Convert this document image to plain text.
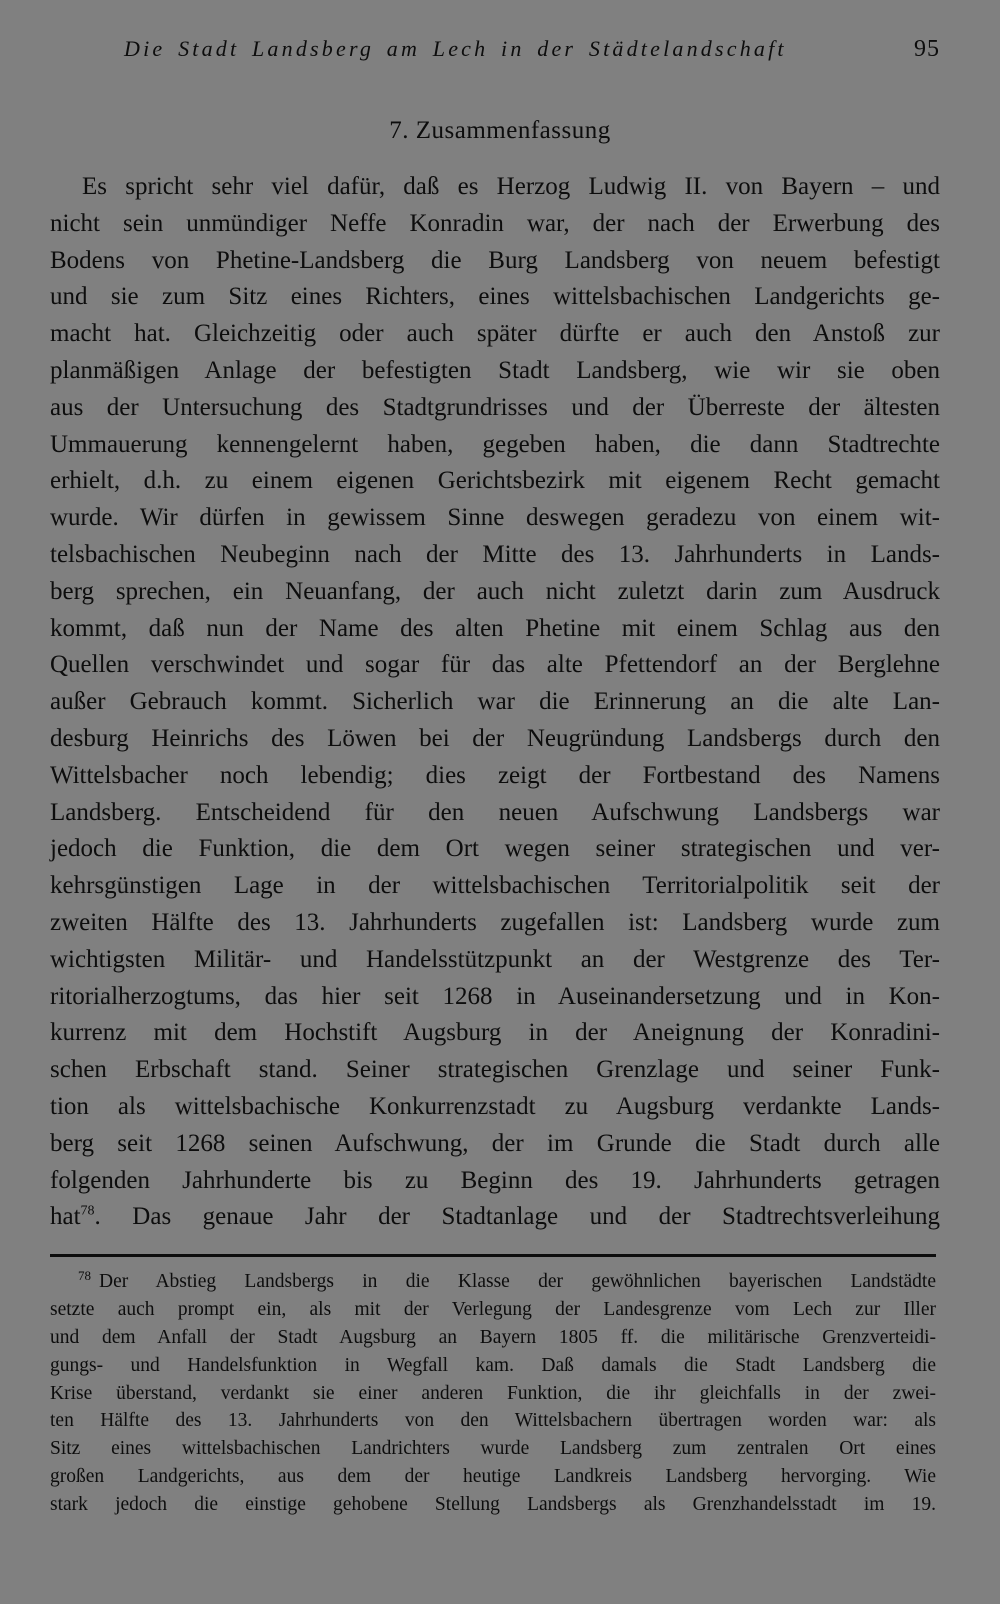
Die Stadt Landsberg am Lech in der Städtelandschaft	95
7. Zusammenfassung
Es spricht sehr viel dafür, daß es Herzog Ludwig II. von Bayern – und
nicht sein unmündiger Neffe Konradin war, der nach der Erwerbung des
Bodens von Phetine-Landsberg die Burg Landsberg von neuem befestigt
und sie zum Sitz eines Richters, eines wittelsbachischen Landgerichts ge-
macht hat. Gleichzeitig oder auch später dürfte er auch den Anstoß zur
planmäßigen Anlage der befestigten Stadt Landsberg, wie wir sie oben
aus der Untersuchung des Stadtgrundrisses und der Überreste der ältesten
Ummauerung kennengelernt haben, gegeben haben, die dann Stadtrechte
erhielt, d.h. zu einem eigenen Gerichtsbezirk mit eigenem Recht gemacht
wurde. Wir dürfen in gewissem Sinne deswegen geradezu von einem wit-
telsbachischen Neubeginn nach der Mitte des 13. Jahrhunderts in Lands-
berg sprechen, ein Neuanfang, der auch nicht zuletzt darin zum Ausdruck
kommt, daß nun der Name des alten Phetine mit einem Schlag aus den
Quellen verschwindet und sogar für das alte Pfettendorf an der Berglehne
außer Gebrauch kommt. Sicherlich war die Erinnerung an die alte Lan-
desburg Heinrichs des Löwen bei der Neugründung Landsbergs durch den
Wittelsbacher noch lebendig; dies zeigt der Fortbestand des Namens
Landsberg. Entscheidend für den neuen Aufschwung Landsbergs war
jedoch die Funktion, die dem Ort wegen seiner strategischen und ver-
kehrsgünstigen Lage in der wittelsbachischen Territorialpolitik seit der
zweiten Hälfte des 13. Jahrhunderts zugefallen ist: Landsberg wurde zum
wichtigsten Militär- und Handelsstützpunkt an der Westgrenze des Ter-
ritorialherzogtums, das hier seit 1268 in Auseinandersetzung und in Kon-
kurrenz mit dem Hochstift Augsburg in der Aneignung der Konradini-
schen Erbschaft stand. Seiner strategischen Grenzlage und seiner Funk-
tion als wittelsbachische Konkurrenzstadt zu Augsburg verdankte Lands-
berg seit 1268 seinen Aufschwung, der im Grunde die Stadt durch alle
folgenden Jahrhunderte bis zu Beginn des 19. Jahrhunderts getragen
hat$^{78}$. Das genaue Jahr der Stadtanlage und der Stadtrechtsverleihung
$^{78}$ Der Abstieg Landsbergs in die Klasse der gewöhnlichen bayerischen Landstädte
setzte auch prompt ein, als mit der Verlegung der Landesgrenze vom Lech zur Iller
und dem Anfall der Stadt Augsburg an Bayern 1805 ff. die militärische Grenzverteidi-
gungs- und Handelsfunktion in Wegfall kam. Daß damals die Stadt Landsberg die
Krise überstand, verdankt sie einer anderen Funktion, die ihr gleichfalls in der zwei-
ten Hälfte des 13. Jahrhunderts von den Wittelsbachern übertragen worden war: als
Sitz eines wittelsbachischen Landrichters wurde Landsberg zum zentralen Ort eines
großen Landgerichts, aus dem der heutige Landkreis Landsberg hervorging. Wie
stark jedoch die einstige gehobene Stellung Landsbergs als Grenzhandelsstadt im 19.
